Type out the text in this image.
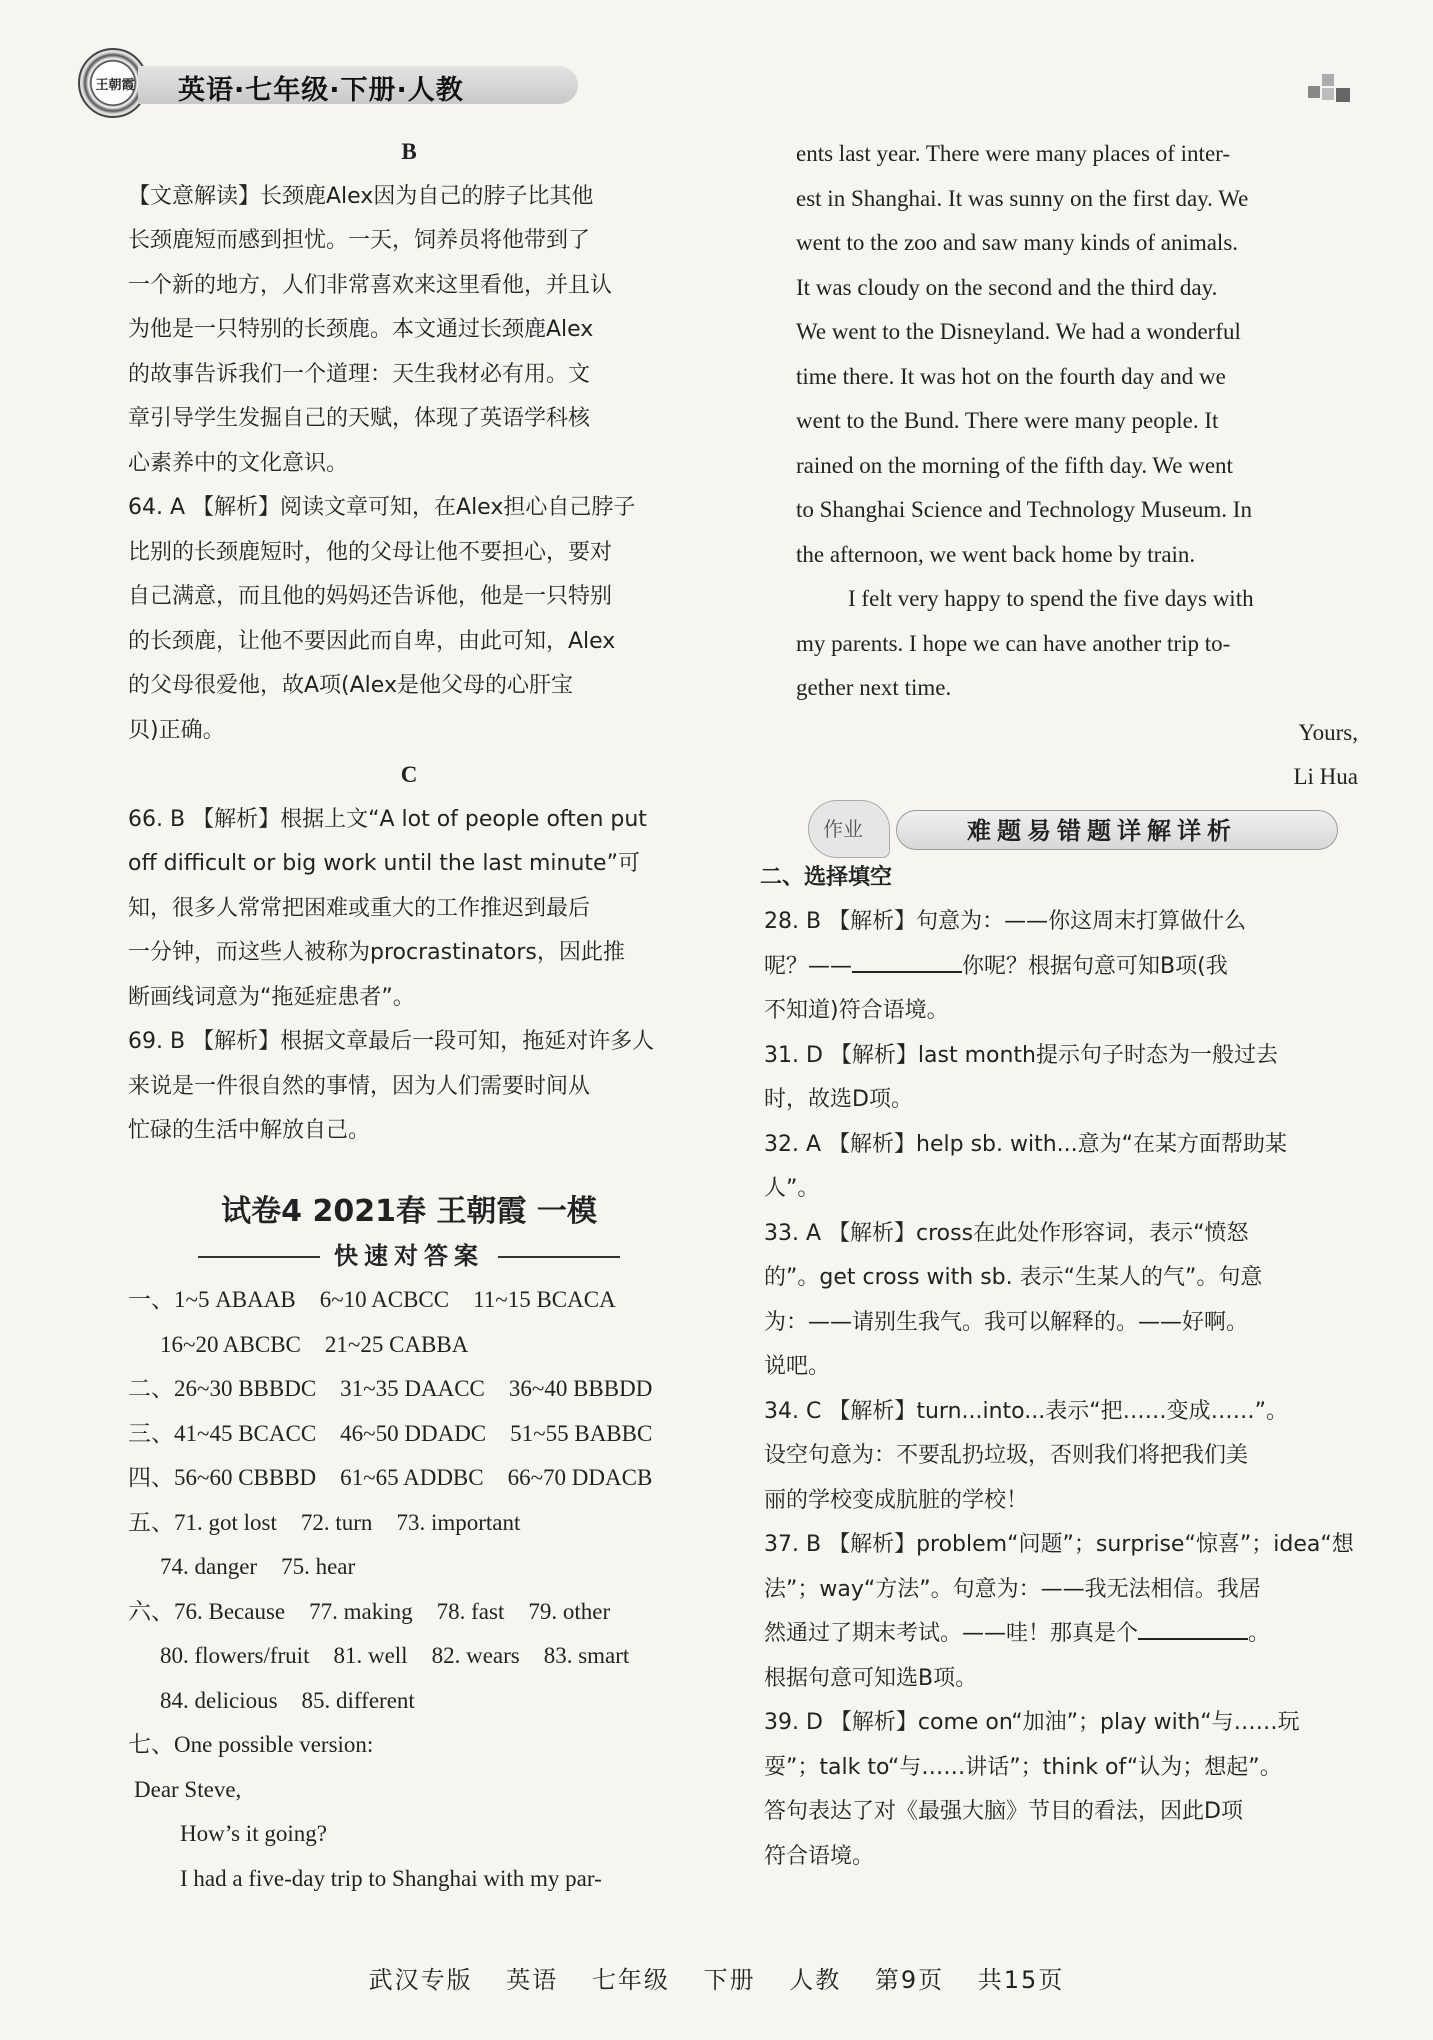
王朝霞 英语·七年级·下册·人教

B

【文意解读】长颈鹿Alex因为自己的脖子比其他

长颈鹿短而感到担忧。一天，饲养员将他带到了

一个新的地方，人们非常喜欢来这里看他，并且认

为他是一只特别的长颈鹿。本文通过长颈鹿Alex

的故事告诉我们一个道理：天生我材必有用。文

章引导学生发掘自己的天赋，体现了英语学科核

心素养中的文化意识。

64. A 【解析】阅读文章可知，在Alex担心自己脖子

比别的长颈鹿短时，他的父母让他不要担心，要对

自己满意，而且他的妈妈还告诉他，他是一只特别

的长颈鹿，让他不要因此而自卑，由此可知，Alex

的父母很爱他，故A项(Alex是他父母的心肝宝

贝)正确。

C

66. B 【解析】根据上文“A lot of people often put

off difficult or big work until the last minute”可

知，很多人常常把困难或重大的工作推迟到最后

一分钟，而这些人被称为procrastinators，因此推

断画线词意为“拖延症患者”。

69. B 【解析】根据文章最后一段可知，拖延对许多人

来说是一件很自然的事情，因为人们需要时间从

忙碌的生活中解放自己。

试卷4 2021春 王朝霞 一模

快速对答案

一、1~5 ABAAB 6~10 ACBCC 11~15 BCACA

16~20 ABCBC 21~25 CABBA

二、26~30 BBBDC 31~35 DAACC 36~40 BBBDD

三、41~45 BCACC 46~50 DDADC 51~55 BABBC

四、56~60 CBBBD 61~65 ADDBC 66~70 DDACB

五、71. got lost 72. turn 73. important

74. danger 75. hear

六、76. Because 77. making 78. fast 79. other

80. flowers/fruit 81. well 82. wears 83. smart

84. delicious 85. different

七、One possible version:

Dear Steve,

How’s it going?

I had a five-day trip to Shanghai with my par-

ents last year. There were many places of inter-

est in Shanghai. It was sunny on the first day. We

went to the zoo and saw many kinds of animals.

It was cloudy on the second and the third day.

We went to the Disneyland. We had a wonderful

time there. It was hot on the fourth day and we

went to the Bund. There were many people. It

rained on the morning of the fifth day. We went

to Shanghai Science and Technology Museum. In

the afternoon, we went back home by train.

I felt very happy to spend the five days with

my parents. I hope we can have another trip to-

gether next time.

Yours,

Li Hua

作业	难题易错题详解详析

二、选择填空

28. B 【解析】句意为：——你这周末打算做什么

呢？——	你呢？根据句意可知B项(我

不知道)符合语境。

31. D 【解析】last month提示句子时态为一般过去

时，故选D项。

32. A 【解析】help sb. with...意为“在某方面帮助某

人”。

33. A 【解析】cross在此处作形容词，表示“愤怒

的”。get cross with sb. 表示“生某人的气”。句意

为：——请别生我气。我可以解释的。——好啊。

说吧。

34. C 【解析】turn...into...表示“把……变成……”。

设空句意为：不要乱扔垃圾，否则我们将把我们美

丽的学校变成肮脏的学校！

37. B 【解析】problem“问题”；surprise“惊喜”；idea“想

法”；way“方法”。句意为：——我无法相信。我居

然通过了期末考试。——哇！那真是个	。

根据句意可知选B项。

39. D 【解析】come on“加油”；play with“与……玩

耍”；talk to“与……讲话”；think of“认为；想起”。

答句表达了对《最强大脑》节目的看法，因此D项

符合语境。

武汉专版 英语 七年级 下册 人教 第9页 共15页
